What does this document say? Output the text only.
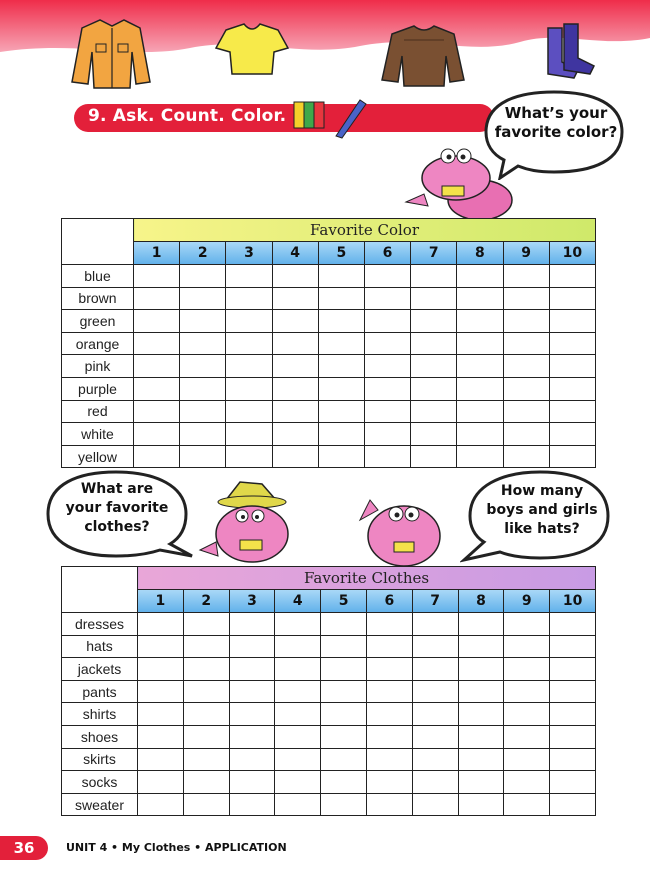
9. Ask. Count. Color.	What’s your
favorite color?
	Favorite Color									
	1	2	3	4	5	6	7	8	9	10
blue										
brown										
green										
orange										
pink										
purple										
red										
white										
yellow										
What are
your favorite
clothes?
How many
boys and girls
like hats?
	Favorite Clothes									
	1	2	3	4	5	6	7	8	9	10
dresses										
hats										
jackets										
pants										
shirts										
shoes										
skirts										
socks										
sweater										
36	UNIT 4 • My Clothes • APPLICATION
